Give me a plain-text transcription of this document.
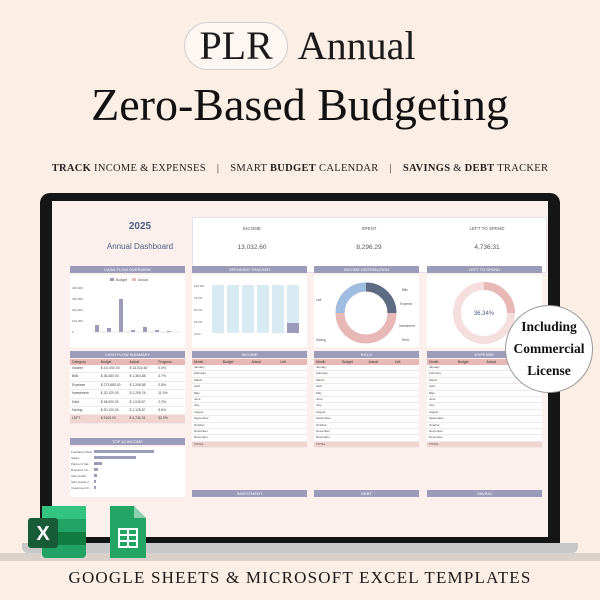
PLR Annual
Zero-Based Budgeting
TRACK INCOME & EXPENSES | SMART BUDGET CALENDAR | SAVINGS & DEBT TRACKER
2025
Annual Dashboard
INCOME
13,032.60
SPENT
8,296.29
LEFT TO SPEND
4,736.31
CASH FLOW OVERVIEW	SPENDING TRACKER	INCOME DISTRIBUTION	LEFT TO SPEND
Budget	Actual
400,000
300,000
200,000
100,000
0
100.0%
75.0%
50.0%
25.0%
0.0%
Bills
Expense
Investment
Debt
Saving
Left
36.34%
CASH FLOW SUMMARY	INCOME	BILLS	EXPENSE
Category	Budget	Actual	Progress
Income	$ 4,0,000.00	$ 13,032.60	0.0%
Bills	$ 36,480.00	$ 1,364.88	3.7%
Expense	$ 273,880.00	$ 2,208.88	0.8%
Investment	$ 20,120.00	$ 2,209.76	11.0%
Debt	$ 48,000.00	$ 1,049.67	2.2%
Saving	$ 20,120.00	$ 1,128.87	5.6%
LEFT	$ 9100.00	$ 4,736.31	52.0%
Month	Budget	Actual	Left
January
February
March
April
May
June
July
August
September
October
November
December
TOTAL
Month	Budget	Actual	Left
January
February
March
April
May
June
July
August
September
October
November
December
TOTAL
Month	Budget	Actual
January
February
March
April
May
June
July
August
September
October
November
December
TOTAL
TOP 10 INCOME
Freelance Work
Salary
Partner's Sal...
Business Inc...
Side Hustle
Side Hustle 2
Investment R...
INVESTMENT	DEBT	SAVING
X
Including
Commercial
License
GOOGLE SHEETS & MICROSOFT EXCEL TEMPLATES
